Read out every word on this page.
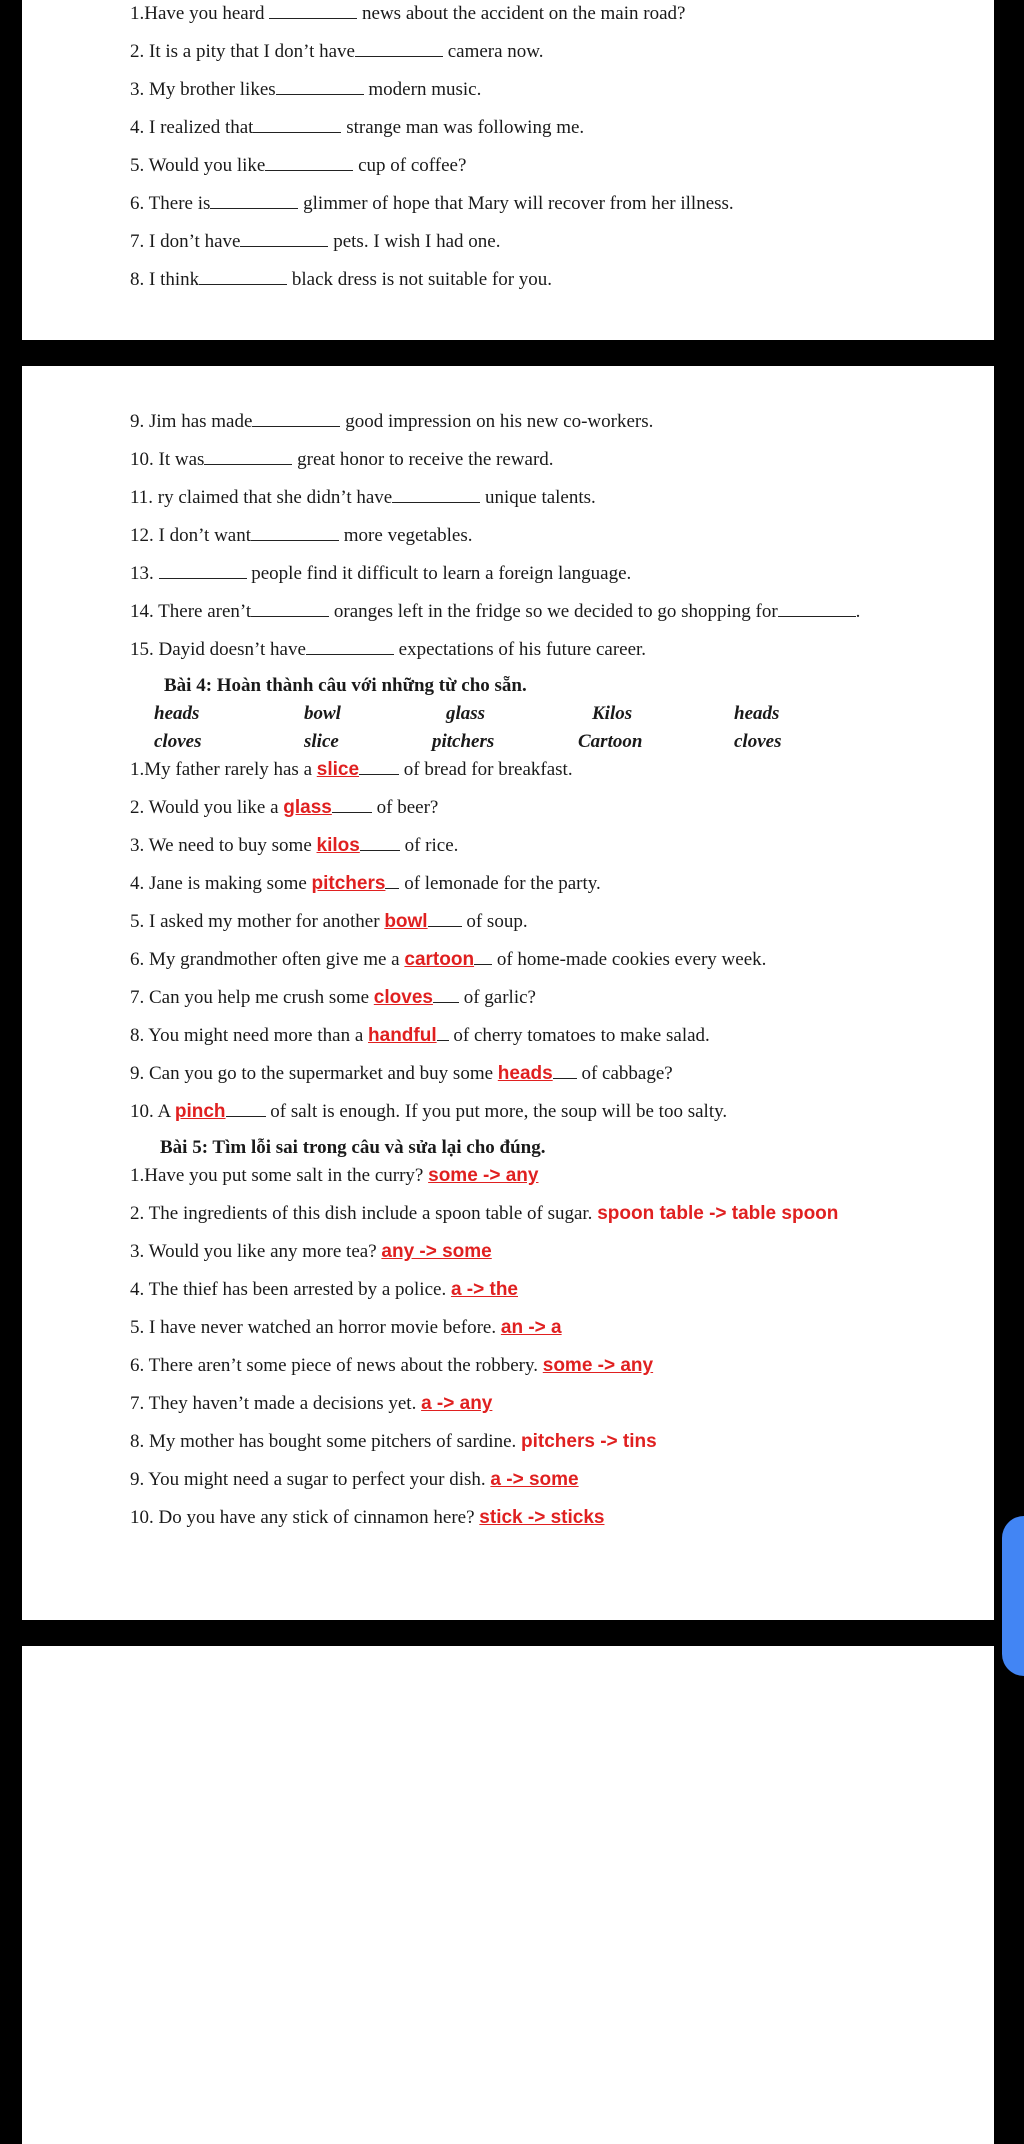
1.Have you heard	news about the accident on the main road?
2. It is a pity that I don’t have	camera now.
3. My brother likes	modern music.
4. I realized that	strange man was following me.
5. Would you like	cup of coffee?
6. There is	glimmer of hope that Mary will recover from her illness.
7. I don’t have	pets. I wish I had one.
8. I think	black dress is not suitable for you.
9. Jim has made	good impression on his new co-workers.
10. It was	great honor to receive the reward.
11. ry claimed that she didn’t have	unique talents.
12. I don’t want	more vegetables.
13.	people find it difficult to learn a foreign language.
14. There aren’t	oranges left in the fridge so we decided to go shopping for	.
15. Dayid doesn’t have	expectations of his future career.
Bài 4: Hoàn thành câu với những từ cho sẵn.
heads	bowl	glass	Kilos	heads
cloves	slice	pitchers	Cartoon	cloves
1.My father rarely has a slice of bread for breakfast.
2. Would you like a glass of beer?
3. We need to buy some kilos of rice.
4. Jane is making some pitchers of lemonade for the party.
5. I asked my mother for another bowl of soup.
6. My grandmother often give me a cartoon of home-made cookies every week.
7. Can you help me crush some cloves of garlic?
8. You might need more than a handful of cherry tomatoes to make salad.
9. Can you go to the supermarket and buy some heads of cabbage?
10. A pinch of salt is enough. If you put more, the soup will be too salty.
Bài 5: Tìm lỗi sai trong câu và sửa lại cho đúng.
1.Have you put some salt in the curry? some -> any
2. The ingredients of this dish include a spoon table of sugar. spoon table -> table spoon
3. Would you like any more tea? any -> some
4. The thief has been arrested by a police. a -> the
5. I have never watched an horror movie before. an -> a
6. There aren’t some piece of news about the robbery. some -> any
7. They haven’t made a decisions yet. a -> any
8. My mother has bought some pitchers of sardine. pitchers -> tins
9. You might need a sugar to perfect your dish. a -> some
10. Do you have any stick of cinnamon here? stick -> sticks
